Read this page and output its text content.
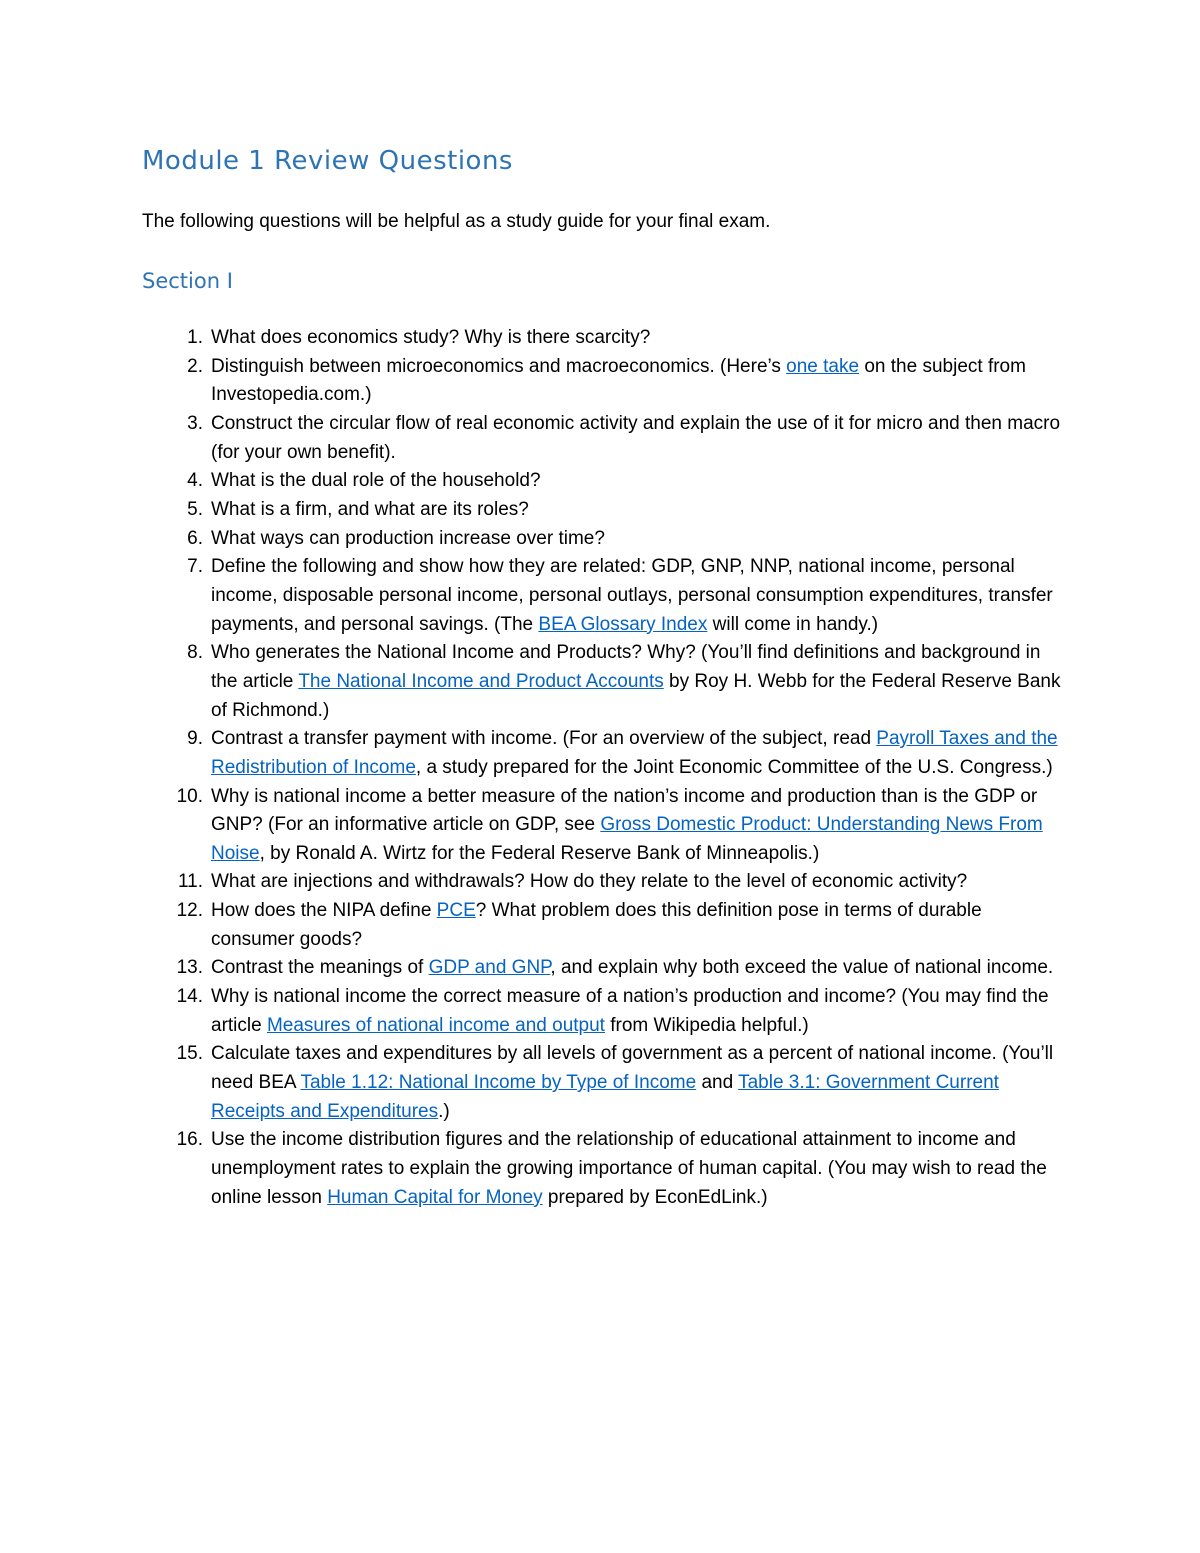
Module 1 Review Questions

The following questions will be helpful as a study guide for your final exam.

Section I
1. What does economics study? Why is there scarcity?
2. Distinguish between microeconomics and macroeconomics. (Here’s one take on the subject from Investopedia.com.)
3. Construct the circular flow of real economic activity and explain the use of it for micro and then macro (for your own benefit).
4. What is the dual role of the household?
5. What is a firm, and what are its roles?
6. What ways can production increase over time?
7. Define the following and show how they are related: GDP, GNP, NNP, national income, personal income, disposable personal income, personal outlays, personal consumption expenditures, transfer payments, and personal savings. (The BEA Glossary Index will come in handy.)
8. Who generates the National Income and Products? Why? (You’ll find definitions and background in the article The National Income and Product Accounts by Roy H. Webb for the Federal Reserve Bank of Richmond.)
9. Contrast a transfer payment with income. (For an overview of the subject, read Payroll Taxes and the Redistribution of Income, a study prepared for the Joint Economic Committee of the U.S. Congress.)
10. Why is national income a better measure of the nation’s income and production than is the GDP or GNP? (For an informative article on GDP, see Gross Domestic Product: Understanding News From Noise, by Ronald A. Wirtz for the Federal Reserve Bank of Minneapolis.)
11. What are injections and withdrawals? How do they relate to the level of economic activity?
12. How does the NIPA define PCE? What problem does this definition pose in terms of durable consumer goods?
13. Contrast the meanings of GDP and GNP, and explain why both exceed the value of national income.
14. Why is national income the correct measure of a nation’s production and income? (You may find the article Measures of national income and output from Wikipedia helpful.)
15. Calculate taxes and expenditures by all levels of government as a percent of national income. (You’ll need BEA Table 1.12: National Income by Type of Income and Table 3.1: Government Current Receipts and Expenditures.)
16. Use the income distribution figures and the relationship of educational attainment to income and unemployment rates to explain the growing importance of human capital. (You may wish to read the online lesson Human Capital for Money prepared by EconEdLink.)
